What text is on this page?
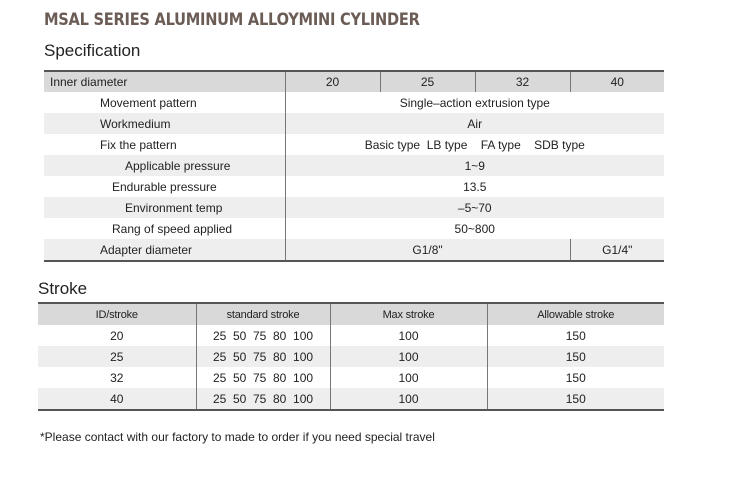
MSAL SERIES ALUMINUM ALLOYMINI CYLINDER
Specification
Inner diameter	20	25	32	40
Movement pattern	Single–action extrusion type			
Workmedium	Air			
Fix the pattern	Basic type  LB type    FA type    SDB type			
Applicable pressure	1~9			
Endurable pressure	13.5			
Environment temp	–5~70			
Rang of speed applied	50~800			
Adapter diameter	G1/8"			G1/4"
Stroke
ID/stroke	standard stroke	Max stroke	Allowable stroke
20	25  50  75  80  100	100	150
25	25  50  75  80  100	100	150
32	25  50  75  80  100	100	150
40	25  50  75  80  100	100	150
*Please contact with our factory to made to order if you need special travel
